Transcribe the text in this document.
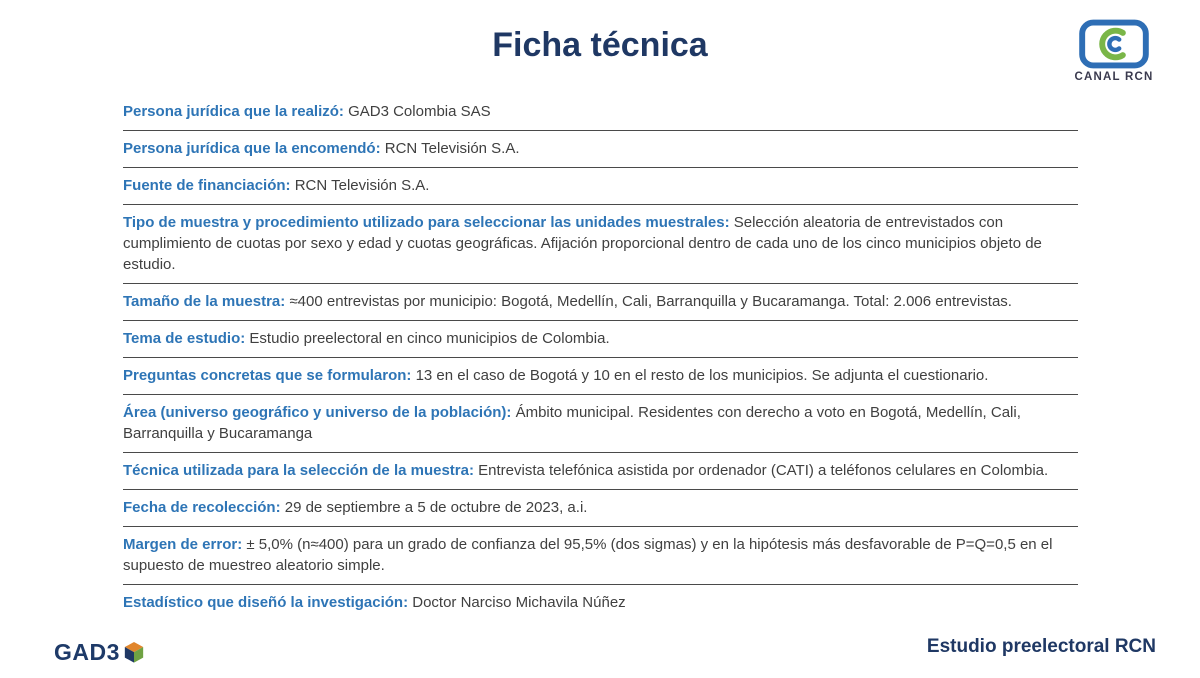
Ficha técnica
CANAL RCN

Persona jurídica que la realizó: GAD3 Colombia SAS

Persona jurídica que la encomendó: RCN Televisión S.A.

Fuente de financiación: RCN Televisión S.A.

Tipo de muestra y procedimiento utilizado para seleccionar las unidades muestrales: Selección aleatoria de entrevistados con cumplimiento de cuotas por sexo y edad y cuotas geográficas. Afijación proporcional dentro de cada uno de los cinco municipios objeto de estudio.

Tamaño de la muestra: ≈400 entrevistas por municipio: Bogotá, Medellín, Cali, Barranquilla y Bucaramanga. Total: 2.006 entrevistas.

Tema de estudio: Estudio preelectoral en cinco municipios de Colombia.

Preguntas concretas que se formularon: 13 en el caso de Bogotá y 10 en el resto de los municipios. Se adjunta el cuestionario.

Área (universo geográfico y universo de la población): Ámbito municipal. Residentes con derecho a voto en Bogotá, Medellín, Cali, Barranquilla y Bucaramanga

Técnica utilizada para la selección de la muestra: Entrevista telefónica asistida por ordenador (CATI) a teléfonos celulares en Colombia.

Fecha de recolección: 29 de septiembre a 5 de octubre de 2023, a.i.

Margen de error: ± 5,0% (n≈400) para un grado de confianza del 95,5% (dos sigmas) y en la hipótesis más desfavorable de P=Q=0,5 en el supuesto de muestreo aleatorio simple.

Estadístico que diseñó la investigación: Doctor Narciso Michavila Núñez

GAD3	Estudio preelectoral RCN
